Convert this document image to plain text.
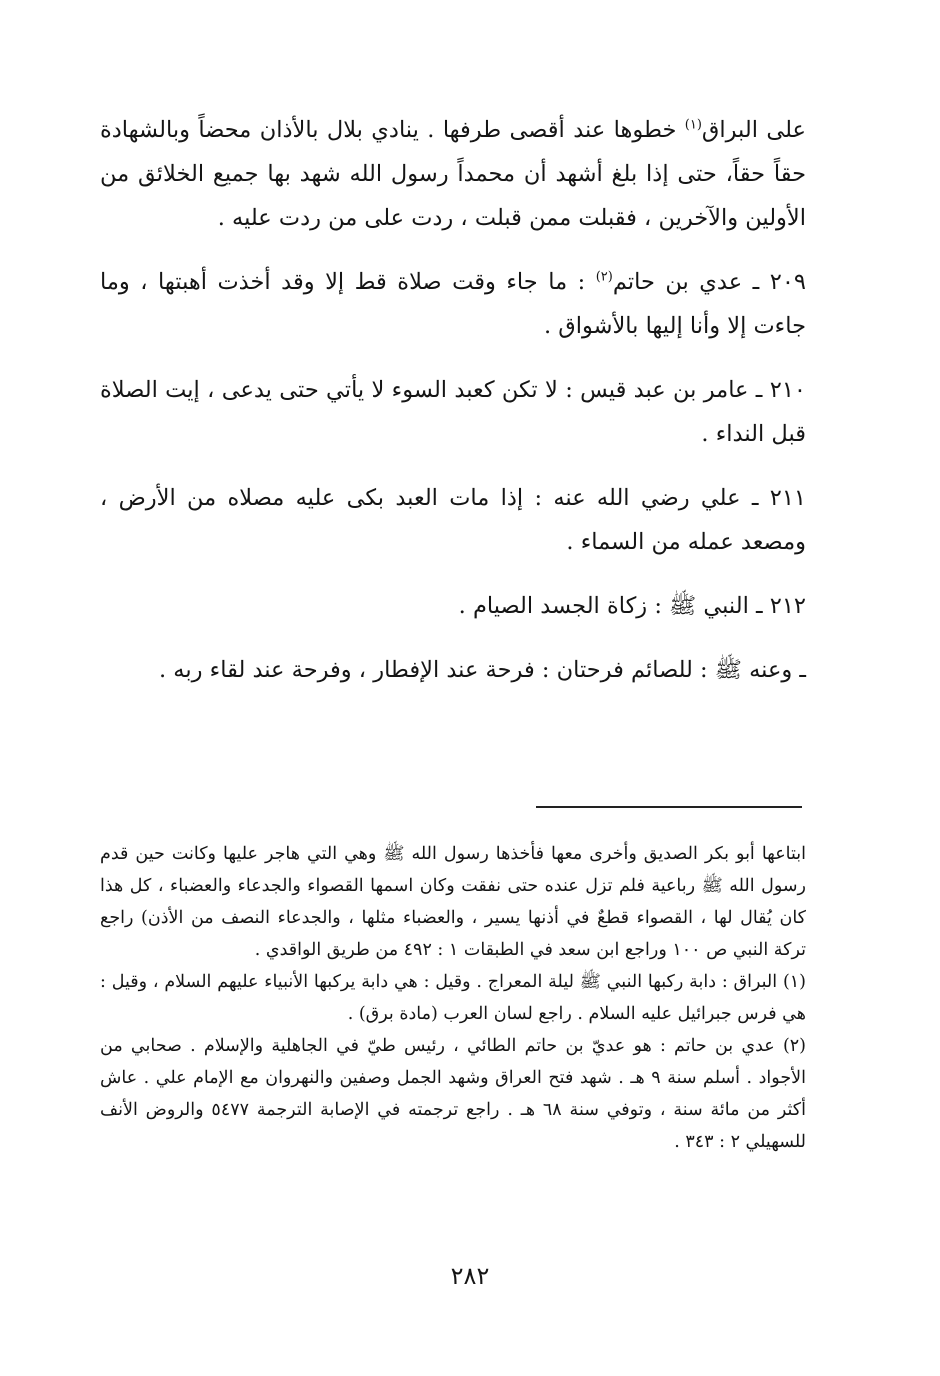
على البراق$^{(١)}$ خطوها عند أقصى طرفها . ينادي بلال بالأذان محضاً وبالشهادة حقاً حقاً، حتى إذا بلغ أشهد أن محمداً رسول الله شهد بها جميع الخلائق من الأولين والآخرين ، فقبلت ممن قبلت ، ردت على من ردت عليه .

٢٠٩ ـ عدي بن حاتم$^{(٢)}$ : ما جاء وقت صلاة قط إلا وقد أخذت أهبتها ، وما جاءت إلا وأنا إليها بالأشواق .

٢١٠ ـ عامر بن عبد قيس : لا تكن كعبد السوء لا يأتي حتى يدعى ، إيت الصلاة قبل النداء .

٢١١ ـ علي رضي الله عنه : إذا مات العبد بكى عليه مصلاه من الأرض ، ومصعد عمله من السماء .

٢١٢ ـ النبي ﷺ : زكاة الجسد الصيام .

ـ وعنه ﷺ : للصائم فرحتان : فرحة عند الإفطار ، وفرحة عند لقاء ربه .

ابتاعها أبو بكر الصديق وأخرى معها فأخذها رسول الله ﷺ وهي التي هاجر عليها وكانت حين قدم رسول الله ﷺ رباعية فلم تزل عنده حتى نفقت وكان اسمها القصواء والجدعاء والعضباء ، كل هذا كان يُقال لها ، القصواء قطعٌ في أذنها يسير ، والعضباء مثلها ، والجدعاء النصف من الأذن) راجع تركة النبي ص ١٠٠ وراجع ابن سعد في الطبقات ١ : ٤٩٢ من طريق الواقدي .

(١) البراق : دابة ركبها النبي ﷺ ليلة المعراج . وقيل : هي دابة يركبها الأنبياء عليهم السلام ، وقيل : هي فرس جبرائيل عليه السلام . راجع لسان العرب (مادة برق) .

(٢) عدي بن حاتم : هو عديّ بن حاتم الطائي ، رئيس طيّ في الجاهلية والإسلام . صحابي من الأجواد . أسلم سنة ٩ هـ . شهد فتح العراق وشهد الجمل وصفين والنهروان مع الإمام علي . عاش أكثر من مائة سنة ، وتوفي سنة ٦٨ هـ . راجع ترجمته في الإصابة الترجمة ٥٤٧٧ والروض الأنف للسهيلي ٢ : ٣٤٣ .

٢٨٢
